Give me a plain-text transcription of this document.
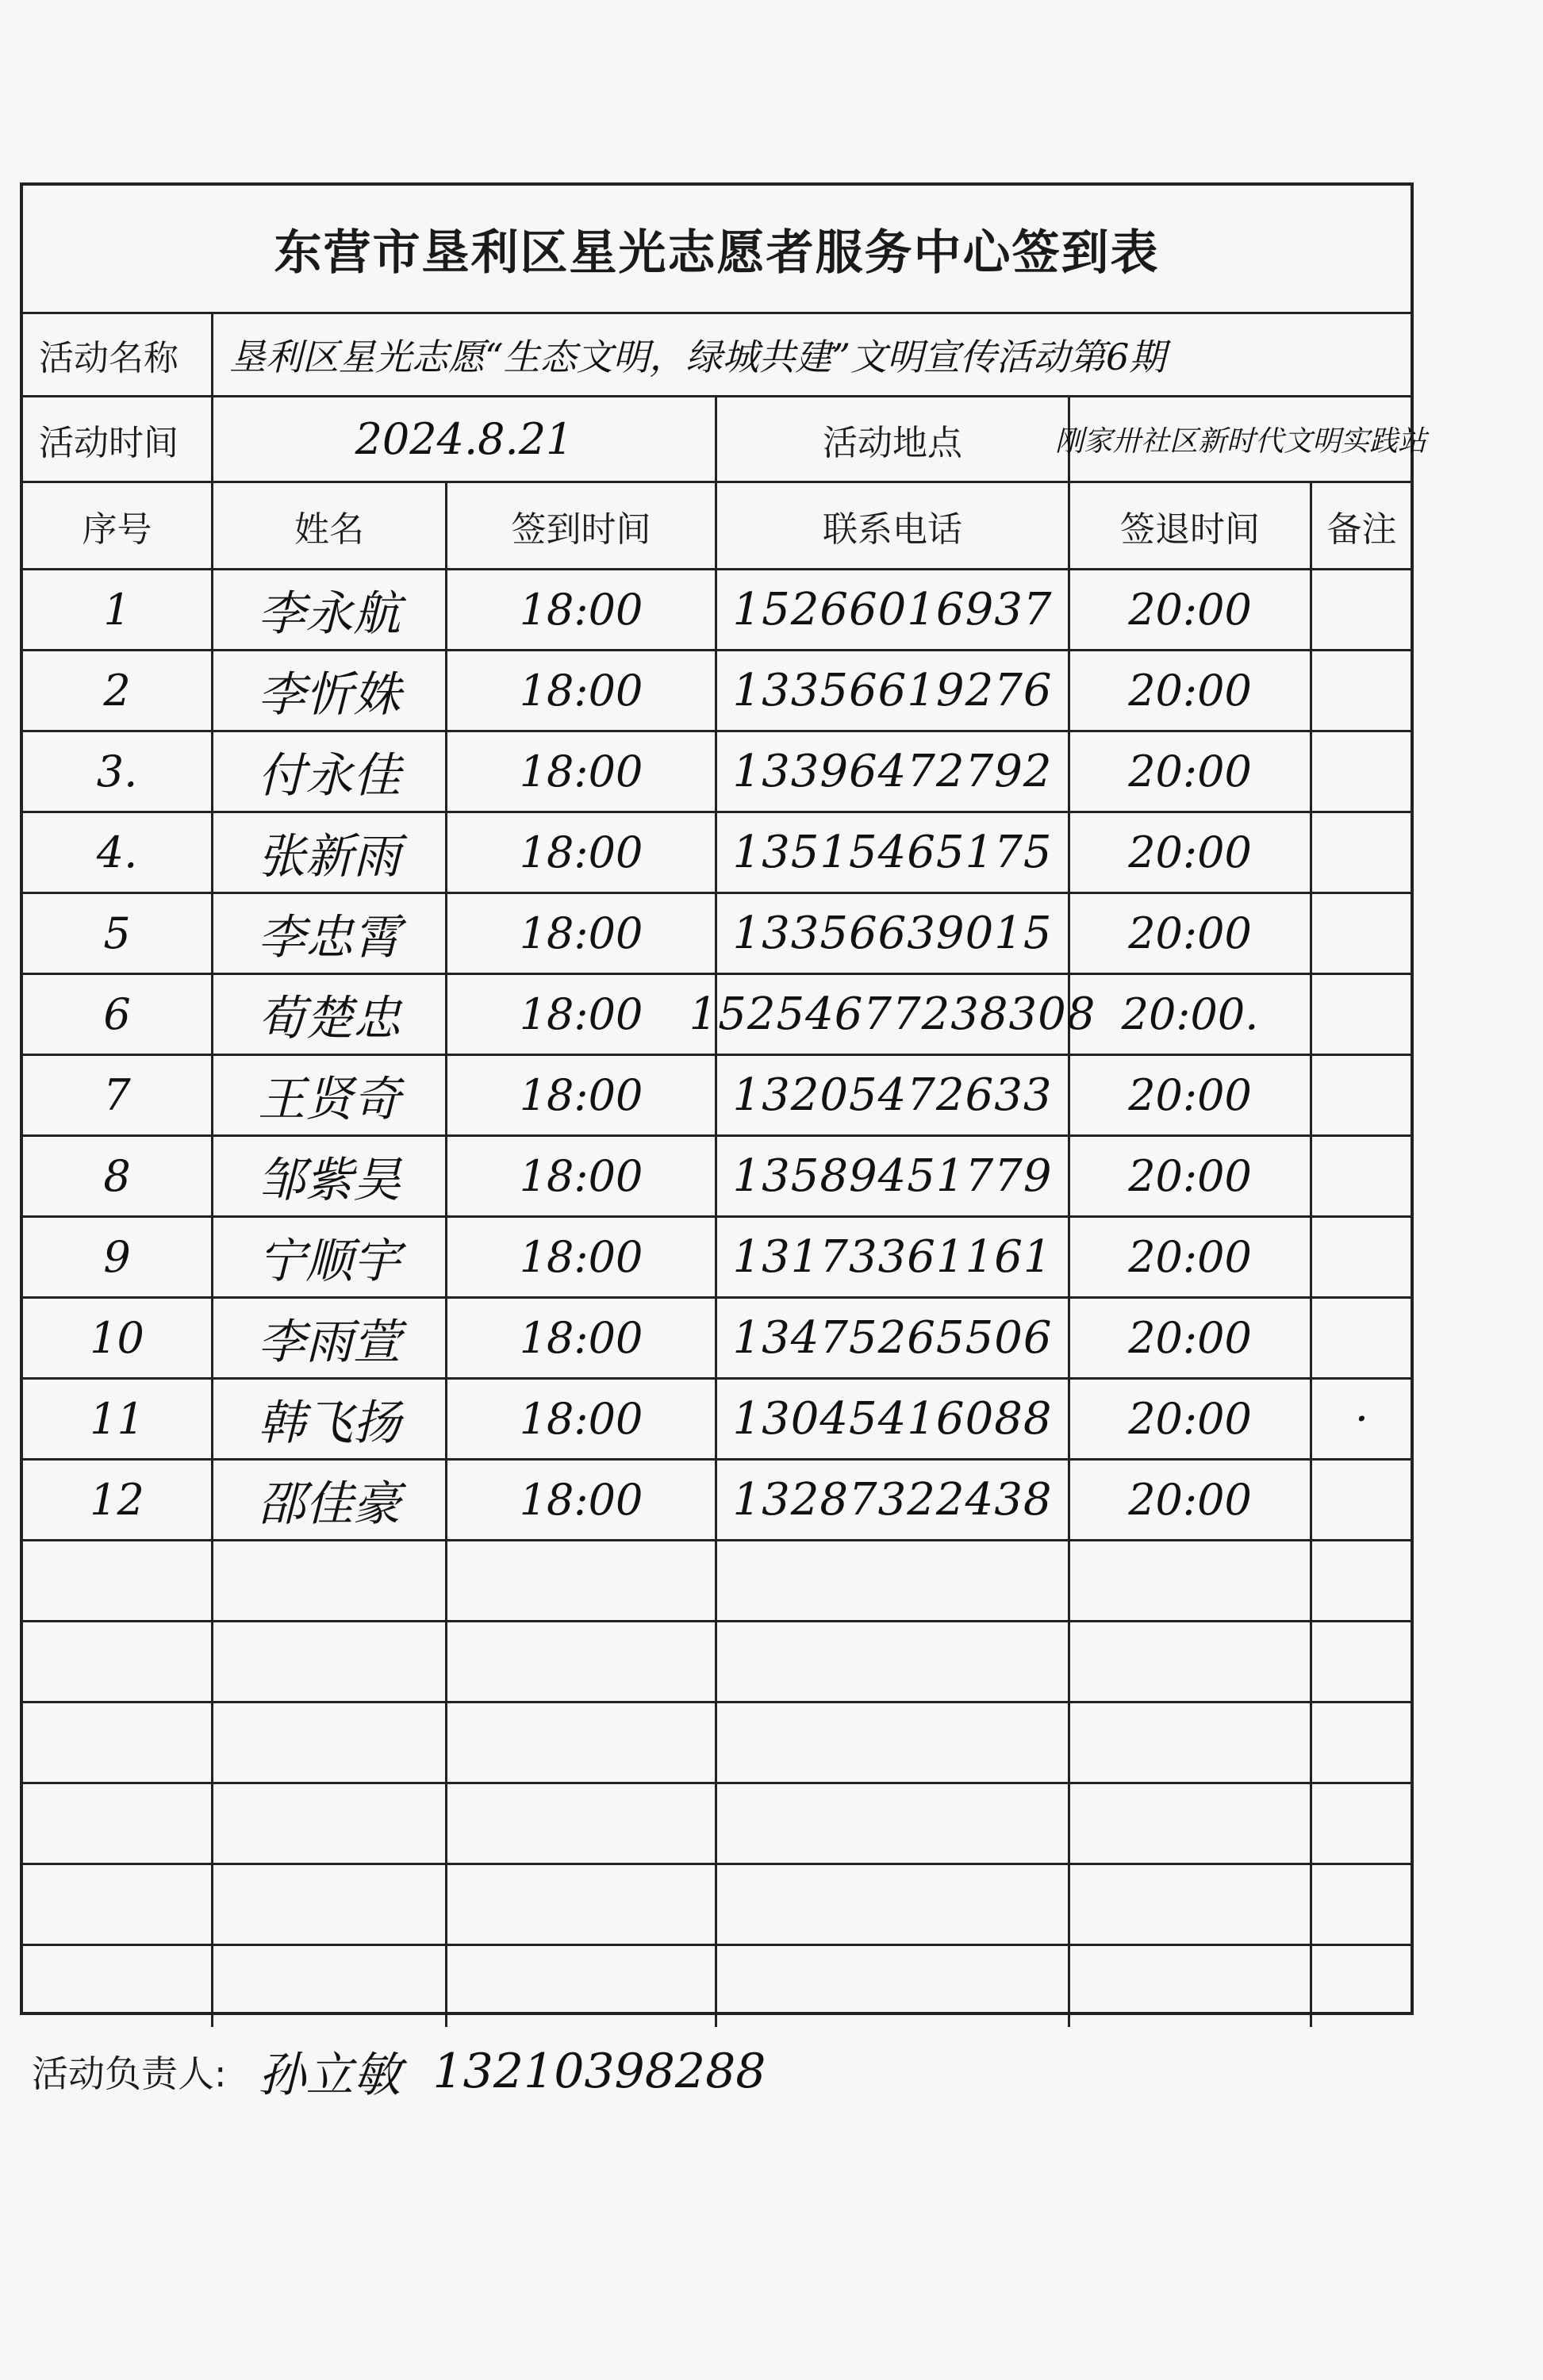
东营市垦利区星光志愿者服务中心签到表
活动名称	垦利区星光志愿“生态文明，绿城共建”文明宣传活动第6期
活动时间	2024.8.21	活动地点	刚家卅社区新时代文明实践站
序号	姓名	签到时间	联系电话	签退时间	备注
1	李永航	18:00	15266016937	20:00
2	李忻姝	18:00	13356619276	20:00
3.	付永佳	18:00	13396472792	20:00
4.	张新雨	18:00	13515465175	20:00
5	李忠霄	18:00	13356639015	20:00
6	荀楚忠	18:00	15254677238308 20:00.
7	王贤奇	18:00	13205472633	20:00
8	邹紫昊	18:00	13589451779	20:00
9	宁顺宇	18:00	13173361161	20:00
10	李雨萱	18:00	13475265506	20:00
11	韩飞扬	18:00	13045416088	20:00	·
12	邵佳豪	18:00	13287322438	20:00
活动负责人: 孙立敏 13210398288
